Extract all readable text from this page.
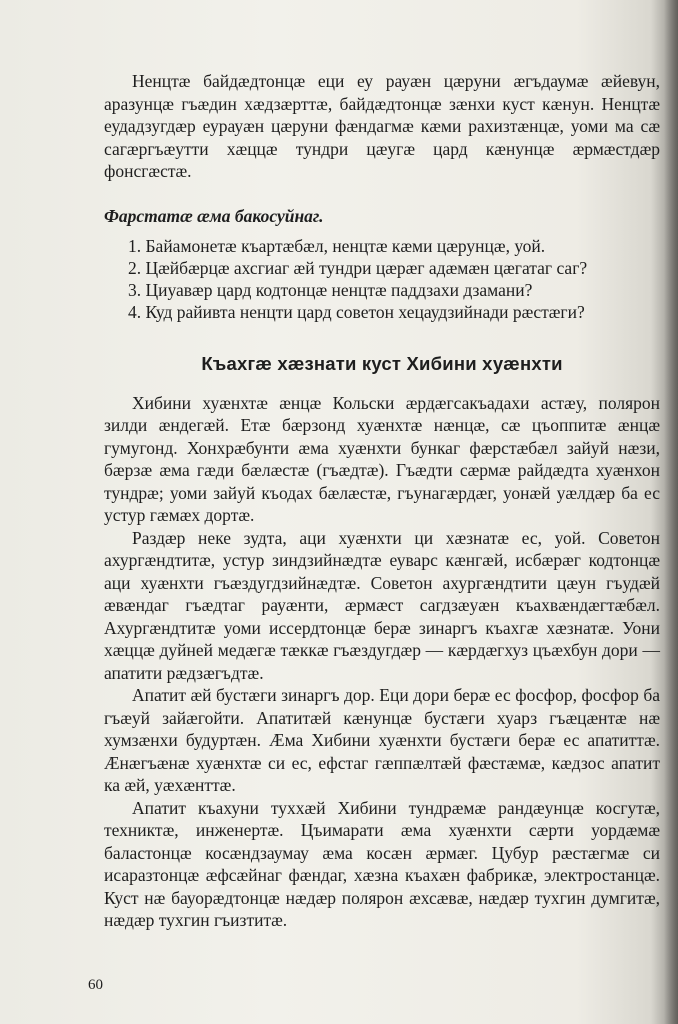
Ненцтæ байдæдтонцæ еци еу рауæн цæруни æгъдаумæ æйевун, аразунцæ гъæдин хæдзæрттæ, байдæдтонцæ зæнхи куст кæнун. Ненцтæ еудадзугдæр еурауæн цæруни фæндагмæ кæми рахизтæнцæ, уоми ма сæ сагæргъæутти хæццæ тундри цæугæ цард кæнунцæ æрмæстдæр фонсгæстæ.

Фарстатæ æма бакосуйнаг.
1. Байамонетæ къартæбæл, ненцтæ кæми цæрунцæ, уой.
2. Цæйбæрцæ ахсгиаг æй тундри цæрæг адæмæн цæгатаг саг?
3. Циуавæр цард кодтонцæ ненцтæ паддзахи дзамани?
4. Куд райивта ненцти цард советон хецаудзийнади рæстæги?
Къахгæ хæзнати куст Хибини хуæнхти

Хибини хуæнхтæ æнцæ Кольски æрдæгсакъадахи астæу, полярон зилди æндегæй. Етæ бæрзонд хуæнхтæ нæнцæ, сæ цъоппитæ æнцæ гумугонд. Хонхрæбунти æма хуæнхти бункаг фæрстæбæл зайуй нæзи, бæрзæ æма гæди бæлæстæ (гъæдтæ). Гъæдти сæрмæ райдæдта хуæнхон тундрæ; уоми зайуй къодах бæлæстæ, гъунагæрдæг, уонæй уæлдæр ба ес устур гæмæх дортæ.

Раздæр неке зудта, аци хуæнхти ци хæзнатæ ес, уой. Советон ахургæндтитæ, устур зиндзийнæдтæ еуварс кæнгæй, исбæрæг кодтонцæ аци хуæнхти гъæздугдзийнæдтæ. Советон ахургæндтити цæун гъудæй æвæндаг гъæдтаг рауæнти, æрмæст сагдзæуæн къахвæндæгтæбæл. Ахургæндтитæ уоми иссердтонцæ берæ зинаргъ къахгæ хæзнатæ. Уони хæццæ дуйней медæгæ тæккæ гъæздугдæр — кæрдæгхуз цъæхбун дори — апатити рæдзæгъдтæ.

Апатит æй бустæги зинаргъ дор. Еци дори берæ ес фосфор, фосфор ба гъæуй зайæгойти. Апатитæй кæнунцæ бустæги хуарз гъæцæнтæ нæ хумзæнхи будуртæн. Æма Хибини хуæнхти бустæги берæ ес апатиттæ. Æнæгъæнæ хуæнхтæ си ес, ефстаг гæппæлтæй фæстæмæ, кæдзос апатит ка æй, уæхæнттæ.

Апатит къахуни туххæй Хибини тундрæмæ рандæунцæ косгутæ, техниктæ, инженертæ. Цъимарати æма хуæнхти сæрти уордæмæ баластонцæ косæндзаумау æма косæн æрмæг. Цубур рæстæгмæ си исаразтонцæ æфсæйнаг фæндаг, хæзна къахæн фабрикæ, электростанцæ. Куст нæ бауорæдтонцæ нæдæр полярон æхсæвæ, нæдæр тухгин думгитæ, нæдæр тухгин гъизтитæ.

60
